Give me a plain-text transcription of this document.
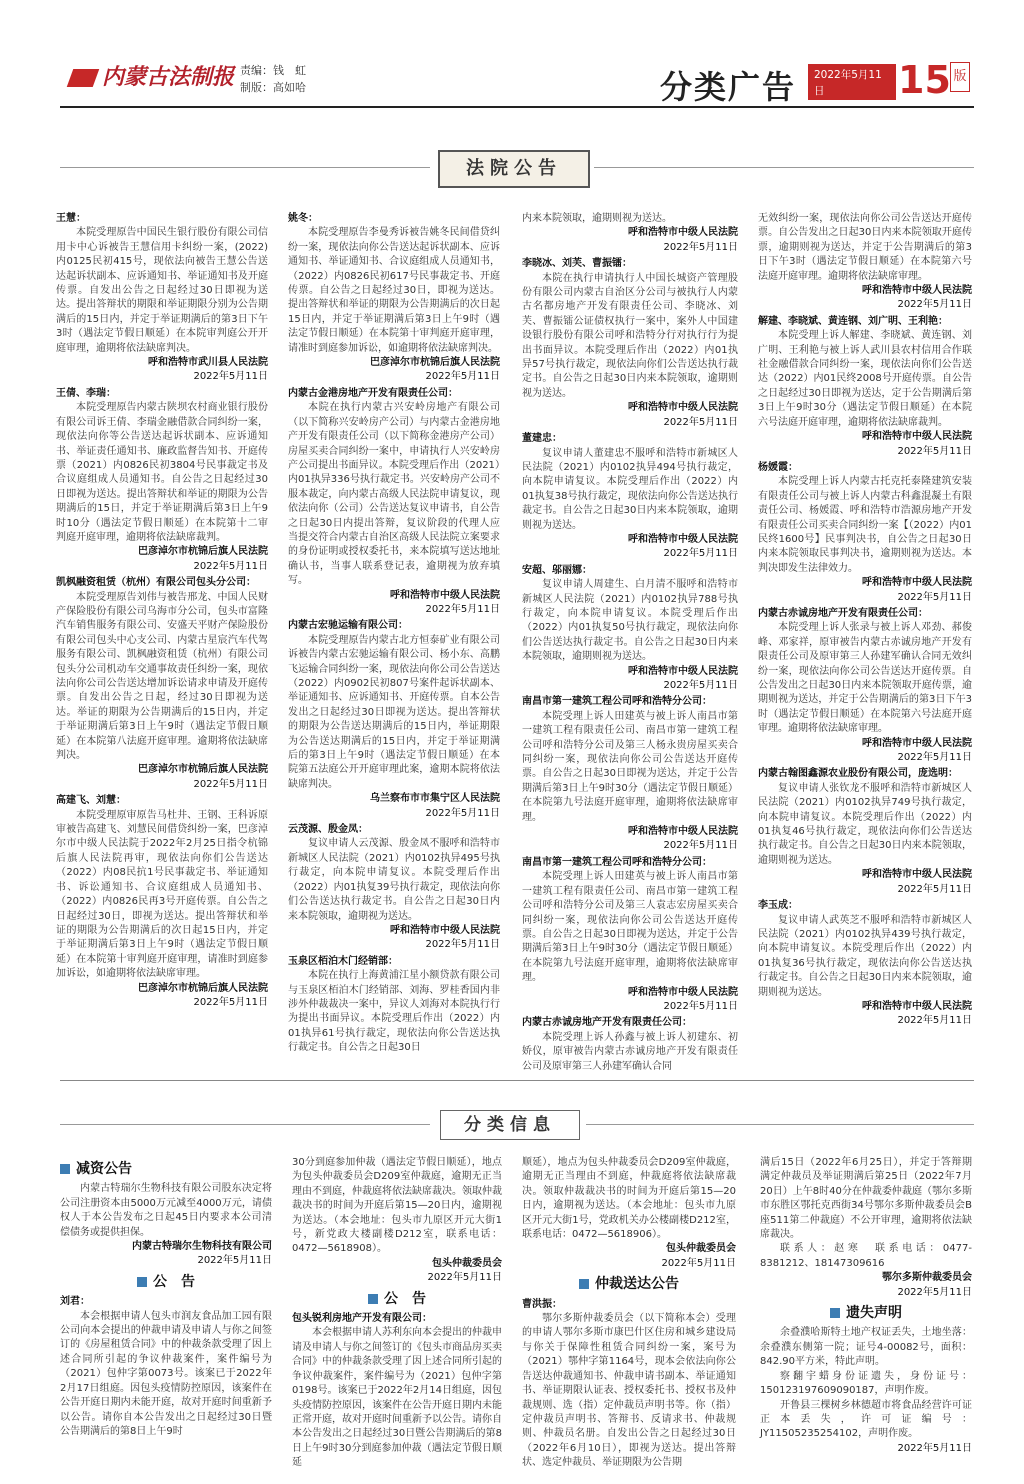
内蒙古法制报 责编：钱　虹
制版：高如哈	分类广告 2022年5月11日	15 版
法院公告
王慧：
本院受理原告中国民生银行股份有限公司信用卡中心诉被告王慧信用卡纠纷一案，(2022)内0125民初415号，现依法向被告王慧公告送达起诉状副本、应诉通知书、举证通知书及开庭传票。自发出公告之日起经过30日即视为送达。提出答辩状的期限和举证期限分别为公告期满后的15日内，并定于举证期满后的第3日下午3时（遇法定节假日顺延）在本院审判庭公开开庭审理，逾期将依法缺席判决。
呼和浩特市武川县人民法院
2022年5月11日
王倩、李瑞：
本院受理原告内蒙古陕坝农村商业银行股份有限公司诉王倩、李瑞金融借款合同纠纷一案，现依法向你等公告送达起诉状副本、应诉通知书、举证责任通知书、廉政监督告知书、开庭传票（2021）内0826民初3804号民事裁定书及合议庭组成人员通知书。自公告之日起经过30日即视为送达。提出答辩状和举证的期限为公告期满后的15日，并定于举证期满后第3日上午9时10分（遇法定节假日顺延）在本院第十二审判庭开庭审理，逾期将依法缺席裁判。
巴彦淖尔市杭锦后旗人民法院
2022年5月11日
凯枫融资租赁（杭州）有限公司包头分公司：
本院受理原告刘伟与被告邢龙、中国人民财产保险股份有限公司乌海市分公司，包头市富隆汽车销售服务有限公司、安盛天平财产保险股份有限公司包头中心支公司、内蒙古星宸汽车代驾服务有限公司、凯枫融资租赁（杭州）有限公司包头分公司机动车交通事故责任纠纷一案，现依法向你公司公告送达增加诉讼请求申请及开庭传票。自发出公告之日起，经过30日即视为送达。举证的期限为公告期满后的15日内，并定于举证期满后第3日上午9时（遇法定节假日顺延）在本院第八法庭开庭审理。逾期将依法缺席判决。
巴彦淖尔市杭锦后旗人民法院
2022年5月11日
高建飞、刘慧：
本院受理原审原告马杜井、王钢、王科诉原审被告高建飞、刘慧民间借贷纠纷一案，巴彦淖尔市中级人民法院于2022年2月25日指令杭锦后旗人民法院再审，现依法向你们公告送达（2022）内08民抗1号民事裁定书、举证通知书、诉讼通知书、合议庭组成人员通知书、（2022）内0826民再3号开庭传票。自公告之日起经过30日，即视为送达。提出答辩状和举证的期限为公告期满后的次日起15日内，并定于举证期满后第3日上午9时（遇法定节假日顺延）在本院第十审判庭开庭审理，请准时到庭参加诉讼，如逾期将依法缺席审理。
巴彦淖尔市杭锦后旗人民法院
2022年5月11日
姚冬：
本院受理原告李曼秀诉被告姚冬民间借贷纠纷一案，现依法向你公告送达起诉状副本、应诉通知书、举证通知书、合议庭组成人员通知书，（2022）内0826民初617号民事裁定书、开庭传票。自公告之日起经过30日，即视为送达。提出答辩状和举证的期限为公告期满后的次日起15日内，并定于举证期满后第3日上午9时（遇法定节假日顺延）在本院第十审判庭开庭审理，请准时到庭参加诉讼，如逾期将依法缺席判决。
巴彦淖尔市杭锦后旗人民法院
2022年5月11日
内蒙古金港房地产开发有限责任公司：
本院在执行内蒙古兴安岭房地产有限公司（以下简称兴安岭房产公司）与内蒙古金港房地产开发有限责任公司（以下简称金港房产公司）房屋买卖合同纠纷一案中，申请执行人兴安岭房产公司提出书面异议。本院受理后作出（2021）内01执异336号执行裁定书。兴安岭房产公司不服本裁定，向内蒙古高级人民法院申请复议，现依法向你（公司）公告送达复议申请书，自公告之日起30日内提出答辩，复议阶段的代理人应当提交符合内蒙古自治区高级人民法院立案要求的身份证明或授权委托书，来本院填写送达地址确认书，当事人联系登记表，逾期视为放弃填写。
呼和浩特市中级人民法院
2022年5月11日
内蒙古宏驰运输有限公司：
本院受理原告内蒙古北方恒泰矿业有限公司诉被告内蒙古宏驰运输有限公司、杨小东、高鹏飞运输合同纠纷一案，现依法向你公司公告送达（2022）内0902民初807号案件起诉状副本、举证通知书、应诉通知书、开庭传票。自本公告发出之日起经过30日即视为送达。提出答辩状的期限为公告送达期满后的15日内，举证期限为公告送达期满后的15日内，并定于举证期满后的第3日上午9时（遇法定节假日顺延）在本院第五法庭公开开庭审理此案，逾期本院将依法缺席判决。
乌兰察布市市集宁区人民法院
2022年5月11日
云茂源、殷金凤：
复议申请人云茂源、殷金凤不服呼和浩特市新城区人民法院（2021）内0102执异495号执行裁定，向本院申请复议。本院受理后作出（2022）内01执复39号执行裁定，现依法向你们公告送达执行裁定书。自公告之日起30日内来本院领取，逾期视为送达。
呼和浩特市中级人民法院
2022年5月11日
玉泉区栢泊木门经销部：
本院在执行上海黄浦江星小额贷款有限公司与玉泉区栢泊木门经销部、刘海、罗桂香国内非涉外仲裁裁决一案中，异议人刘海对本院执行行为提出书面异议。本院受理后作出（2022）内01执异61号执行裁定，现依法向你公告送达执行裁定书。自公告之日起30日
内来本院领取，逾期则视为送达。
呼和浩特市中级人民法院
2022年5月11日
李晓冰、刘芙、曹振镭：
本院在执行申请执行人中国长城资产管理股份有限公司内蒙古自治区分公司与被执行人内蒙古名都房地产开发有限责任公司、李晓冰、刘芙、曹振镭公证债权执行一案中，案外人中国建设银行股份有限公司呼和浩特分行对执行行为提出书面异议。本院受理后作出（2022）内01执异57号执行裁定，现依法向你们公告送达执行裁定书。自公告之日起30日内来本院领取，逾期则视为送达。
呼和浩特市中级人民法院
2022年5月11日
董建忠：
复议申请人董建忠不服呼和浩特市新城区人民法院（2021）内0102执异494号执行裁定，向本院申请复议。本院受理后作出（2022）内01执复38号执行裁定，现依法向你公告送达执行裁定书。自公告之日起30日内来本院领取，逾期则视为送达。
呼和浩特市中级人民法院
2022年5月11日
安超、邬丽娜：
复议申请人周建生、白月清不服呼和浩特市新城区人民法院（2021）内0102执异788号执行裁定，向本院申请复议。本院受理后作出（2022）内01执复50号执行裁定，现依法向你们公告送达执行裁定书。自公告之日起30日内来本院领取，逾期则视为送达。
呼和浩特市中级人民法院
2022年5月11日
南昌市第一建筑工程公司呼和浩特分公司：
本院受理上诉人田建英与被上诉人南昌市第一建筑工程有限责任公司、南昌市第一建筑工程公司呼和浩特分公司及第三人杨永贵房屋买卖合同纠纷一案，现依法向你公司公告送达开庭传票。自公告之日起30日即视为送达，并定于公告期满后第3日上午9时30分（遇法定节假日顺延）在本院第九号法庭开庭审理，逾期将依法缺席审理。
呼和浩特市中级人民法院
2022年5月11日
南昌市第一建筑工程公司呼和浩特分公司：
本院受理上诉人田建英与被上诉人南昌市第一建筑工程有限责任公司、南昌市第一建筑工程公司呼和浩特分公司及第三人袁志宏房屋买卖合同纠纷一案，现依法向你公司公告送达开庭传票。自公告之日起30日即视为送达，并定于公告期满后第3日上午9时30分（遇法定节假日顺延）在本院第九号法庭开庭审理，逾期将依法缺席审理。
呼和浩特市中级人民法院
2022年5月11日
内蒙古赤诚房地产开发有限责任公司：
本院受理上诉人孙鑫与被上诉人初建东、初娇仪，原审被告内蒙古赤诚房地产开发有限责任公司及原审第三人孙建军确认合同
无效纠纷一案，现依法向你公司公告送达开庭传票。自公告发出之日起30日内来本院领取开庭传票，逾期则视为送达，并定于公告期满后的第3日下午3时（遇法定节假日顺延）在本院第六号法庭开庭审理。逾期将依法缺席审理。
呼和浩特市中级人民法院
2022年5月11日
解建、李晓斌、黄连钢、刘广明、王利艳：
本院受理上诉人解建、李晓斌、黄连钢、刘广明、王利艳与被上诉人武川县农村信用合作联社金融借款合同纠纷一案，现依法向你们公告送达（2022）内01民终2008号开庭传票。自公告之日起经过30日即视为送达，定于公告期满后第3日上午9时30分（遇法定节假日顺延）在本院六号法庭开庭审理，逾期将依法缺席裁判。
呼和浩特市中级人民法院
2022年5月11日
杨媛霞：
本院受理上诉人内蒙古托克托泰隆建筑安装有限责任公司与被上诉人内蒙古科鑫混凝土有限责任公司、杨媛霞、呼和浩特市浩源房地产开发有限责任公司买卖合同纠纷一案【（2022）内01民终1600号】民事判决书，自公告之日起30日内来本院领取民事判决书，逾期则视为送达。本判决即发生法律效力。
呼和浩特市中级人民法院
2022年5月11日
内蒙古赤诚房地产开发有限责任公司：
本院受理上诉人张录与被上诉人邓劲、郝俊峰、邓家祥，原审被告内蒙古赤诚房地产开发有限责任公司及原审第三人孙建军确认合同无效纠纷一案，现依法向你公司公告送达开庭传票。自公告发出之日起30日内来本院领取开庭传票，逾期则视为送达，并定于公告期满后的第3日下午3时（遇法定节假日顺延）在本院第六号法庭开庭审理。逾期将依法缺席审理。
呼和浩特市中级人民法院
2022年5月11日
内蒙古翰图鑫源农业股份有限公司，庞选明：
复议申请人张钦龙不服呼和浩特市新城区人民法院（2021）内0102执异749号执行裁定，向本院申请复议。本院受理后作出（2022）内01执复46号执行裁定，现依法向你们公告送达执行裁定书。自公告之日起30日内来本院领取，逾期则视为送达。
呼和浩特市中级人民法院
2022年5月11日
李玉成：
复议申请人武英芝不服呼和浩特市新城区人民法院（2021）内0102执异439号执行裁定，向本院申请复议。本院受理后作出（2022）内01执复36号执行裁定，现依法向你公告送达执行裁定书。自公告之日起30日内来本院领取，逾期则视为送达。
呼和浩特市中级人民法院
2022年5月11日
分类信息
减资公告
内蒙古特瑞尔生物科技有限公司股东决定将公司注册资本由5000万元减至4000万元，请债权人于本公告发布之日起45日内要求本公司清偿债务或提供担保。
内蒙古特瑞尔生物科技有限公司
2022年5月11日
公　告
刘君：
本会根据申请人包头市润友食品加工园有限公司向本会提出的仲裁申请及申请人与你之间签订的《房屋租赁合同》中的仲裁条款受理了因上述合同所引起的争议仲裁案件，案件编号为（2021）包仲字第0073号。该案已于2022年2月17日组庭。因包头疫情防控原因，该案件在公告开庭日期内未能开庭，故对开庭时间重新予以公告。请你自本公告发出之日起经过30日暨公告期满后的第8日上午9时
30分到庭参加仲裁（遇法定节假日顺延），地点为包头仲裁委员会D209室仲裁庭，逾期无正当理由不到庭，仲裁庭将依法缺席裁决。领取仲裁裁决书的时间为开庭后第15—20日内，逾期视为送达。（本会地址：包头市九原区开元大街1号，新党政大楼副楼D212室，联系电话：0472—5618908）。
包头仲裁委员会
2022年5月11日
公　告
包头锐利房地产开发有限公司：
本会根据申请人苏利东向本会提出的仲裁申请及申请人与你之间签订的《包头市商品房买卖合同》中的仲裁条款受理了因上述合同所引起的争议仲裁案件，案件编号为（2021）包仲字第0198号。该案已于2022年2月14日组庭，因包头疫情防控原因，该案件在公告开庭日期内未能正常开庭，故对开庭时间重新予以公告。请你自本公告发出之日起经过30日暨公告期满后的第8日上午9时30分到庭参加仲裁（遇法定节假日顺延
顺延），地点为包头仲裁委员会D209室仲裁庭，逾期无正当理由不到庭，仲裁庭将依法缺席裁决。领取仲裁裁决书的时间为开庭后第15—20日内，逾期视为送达。（本会地址：包头市九原区开元大街1号，党政机关办公楼副楼D212室，联系电话：0472—5618906）。
包头仲裁委员会
2022年5月11日
仲裁送达公告
曹洪振：
鄂尔多斯仲裁委员会（以下简称本会）受理的申请人鄂尔多斯市康巴什区住房和城乡建设局与你关于保障性租赁合同纠纷一案，案号为（2021）鄂仲字第1164号，现本会依法向你公告送达仲裁通知书、仲裁申请书副本、举证通知书、举证期限认证表、授权委托书、授权书及仲裁规则、选（指）定仲裁员声明书等。你（指）定仲裁员声明书、答辩书、反请求书、仲裁规则、仲裁员名册。自发出公告之日起经过30日（2022年6月10日），即视为送达。提出答辩状、选定仲裁员、举证期限为公告期
满后15日（2022年6月25日），并定于答辩期满定仲裁员及举证期满后第25日（2022年7月20日）上午8时40分在仲裁委仲裁庭（鄂尔多斯市东胜区鄂托克西街34号鄂尔多斯仲裁委员会B座511第二仲裁庭）不公开审理，逾期将依法缺席裁决。
联系人：赵寒　联系电话：0477-8381212、18147309616
鄂尔多斯仲裁委员会
2022年5月11日
遗失声明
余叠濮哈斯特土地产权证丢失，土地坐落：余叠濮东侧第一院；证号4-00082号，面积：842.90平方米，特此声明。
察翻宇蜡身份证遗失，身份证号：150123197609090187，声明作废。
开鲁县三棵树乡林德超市将食品经营许可证正本丢失，许可证编号：JY11505235254102，声明作废。
2022年5月11日
